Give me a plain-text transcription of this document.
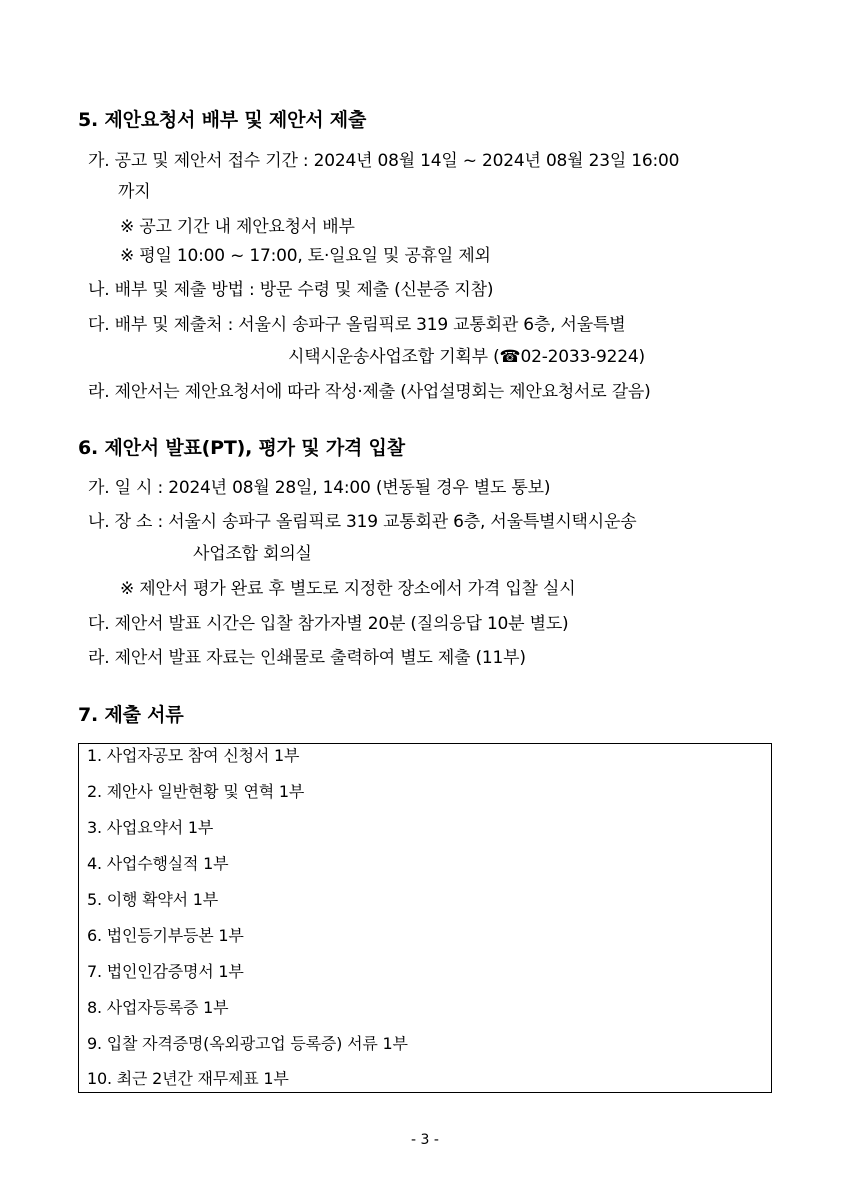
5. 제안요청서 배부 및 제안서 제출
가. 공고 및 제안서 접수 기간 : 2024년 08월 14일 ~ 2024년 08월 23일 16:00
까지
※ 공고 기간 내 제안요청서 배부
※ 평일 10:00 ~ 17:00, 토·일요일 및 공휴일 제외
나. 배부 및 제출 방법 : 방문 수령 및 제출 (신분증 지참)
다. 배부 및 제출처 : 서울시 송파구 올림픽로 319 교통회관 6층, 서울특별
시택시운송사업조합 기획부 (☎02-2033-9224)
라. 제안서는 제안요청서에 따라 작성·제출 (사업설명회는 제안요청서로 갈음)
6. 제안서 발표(PT), 평가 및 가격 입찰
가. 일 시 : 2024년 08월 28일, 14:00 (변동될 경우 별도 통보)
나. 장 소 : 서울시 송파구 올림픽로 319 교통회관 6층, 서울특별시택시운송
사업조합 회의실
※ 제안서 평가 완료 후 별도로 지정한 장소에서 가격 입찰 실시
다. 제안서 발표 시간은 입찰 참가자별 20분 (질의응답 10분 별도)
라. 제안서 발표 자료는 인쇄물로 출력하여 별도 제출 (11부)
7. 제출 서류
1. 사업자공모 참여 신청서 1부
2. 제안사 일반현황 및 연혁 1부
3. 사업요약서 1부
4. 사업수행실적 1부
5. 이행 확약서 1부
6. 법인등기부등본 1부
7. 법인인감증명서 1부
8. 사업자등록증 1부
9. 입찰 자격증명(옥외광고업 등록증) 서류 1부
10. 최근 2년간 재무제표 1부
- 3 -
